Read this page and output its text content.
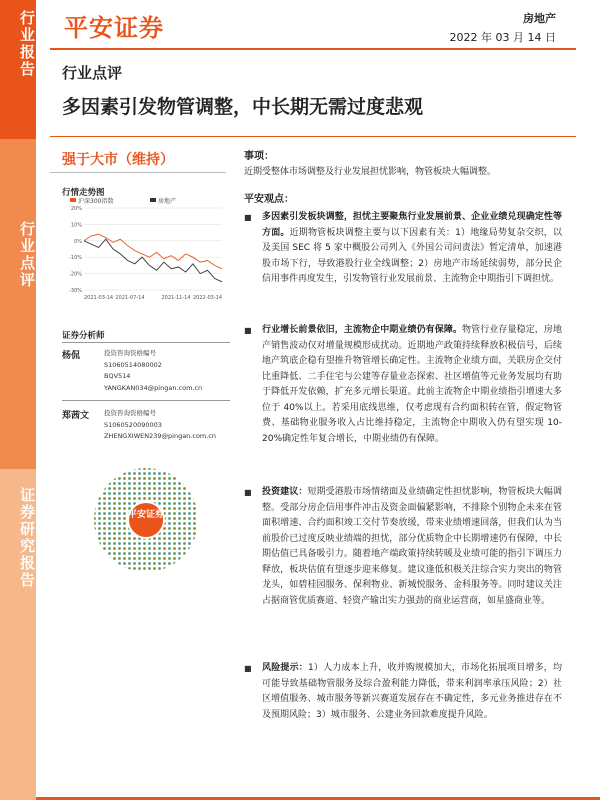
行业报告
行业点评
证券研究报告
平安证券	房地产
2022 年 03 月 14 日
行业点评
多因素引发物管调整，中长期无需过度悲观
强于大市（维持）
行情走势图
沪深300指数	房地产
20%
10%
0%
-10%
-20%
-30%
2021-03-14 2021-07-14	2021-11-14 2022-03-14
证券分析师
杨侃	投资咨询资格编号
S1060514080002
BQV514
YANGKAN034@pingan.com.cn
郑茜文 投资咨询资格编号
S1060520090003
ZHENGXIWEN239@pingan.com.cn
平安证券
事项：
近期受整体市场调整及行业发展担忧影响，物管板块大幅调整。
平安观点：
■ 多因素引发板块调整，担忧主要聚焦行业发展前景、企业业绩兑现确定性等方面。近期物管板块调整主要与以下因素有关：1）地缘局势复杂交织，以及美国 SEC 将 5 家中概股公司列入《外国公司问责法》暂定清单，加速港股市场下行，导致港股行业全线调整；2）房地产市场延续弱势，部分民企信用事件再度发生，引发物管行业发展前景、主流物企中期指引下调担忧。
■ 行业增长前景依旧，主流物企中期业绩仍有保障。物管行业存量稳定，房地产销售波动仅对增量规模形成扰动。近期地产政策持续释放积极信号，后续地产筑底企稳有望推升物管增长确定性。主流物企业绩方面，关联房企交付比重降低、二手住宅与公建等存量业态探索、社区增值等元业务发展均有助于降低开发依赖，扩充多元增长渠道。此前主流物企中期业绩指引增速大多位于 40%以上。若采用底线思维，仅考虑现有合约面积转在管，假定物管费、基础物业服务收入占比维持稳定，主流物企中期收入仍有望实现 10-20%确定性年复合增长，中期业绩仍有保障。
■ 投资建议：短期受港股市场情绪面及业绩确定性担忧影响，物管板块大幅调整。受部分房企信用事件冲击及资金面偏紧影响，不排除个别物企未来在管面积增速、合约面积竣工交付节奏放缓，带来业绩增速回落，但我们认为当前股价已过度反映业绩端的担忧，部分优质物企中长期增速仍有保障，中长期估值已具备吸引力。随着地产端政策持续转暖及业绩可能的指引下调压力释放，板块估值有望逐步迎来修复。建议逢低积极关注综合实力突出的物管龙头，如碧桂园服务、保利物业、新城悦服务、金科服务等。同时建议关注占据商管优质赛道、轻资产输出实力强劲的商业运营商，如星盛商业等。
■ 风险提示：1）人力成本上升，收并购规模加大，市场化拓展项目增多，均可能导致基础物管服务及综合盈利能力降低，带来利润率承压风险；2）社区增值服务、城市服务等新兴赛道发展存在不确定性，多元业务推进存在不及预期风险；3）城市服务、公建业务回款难度提升风险。
